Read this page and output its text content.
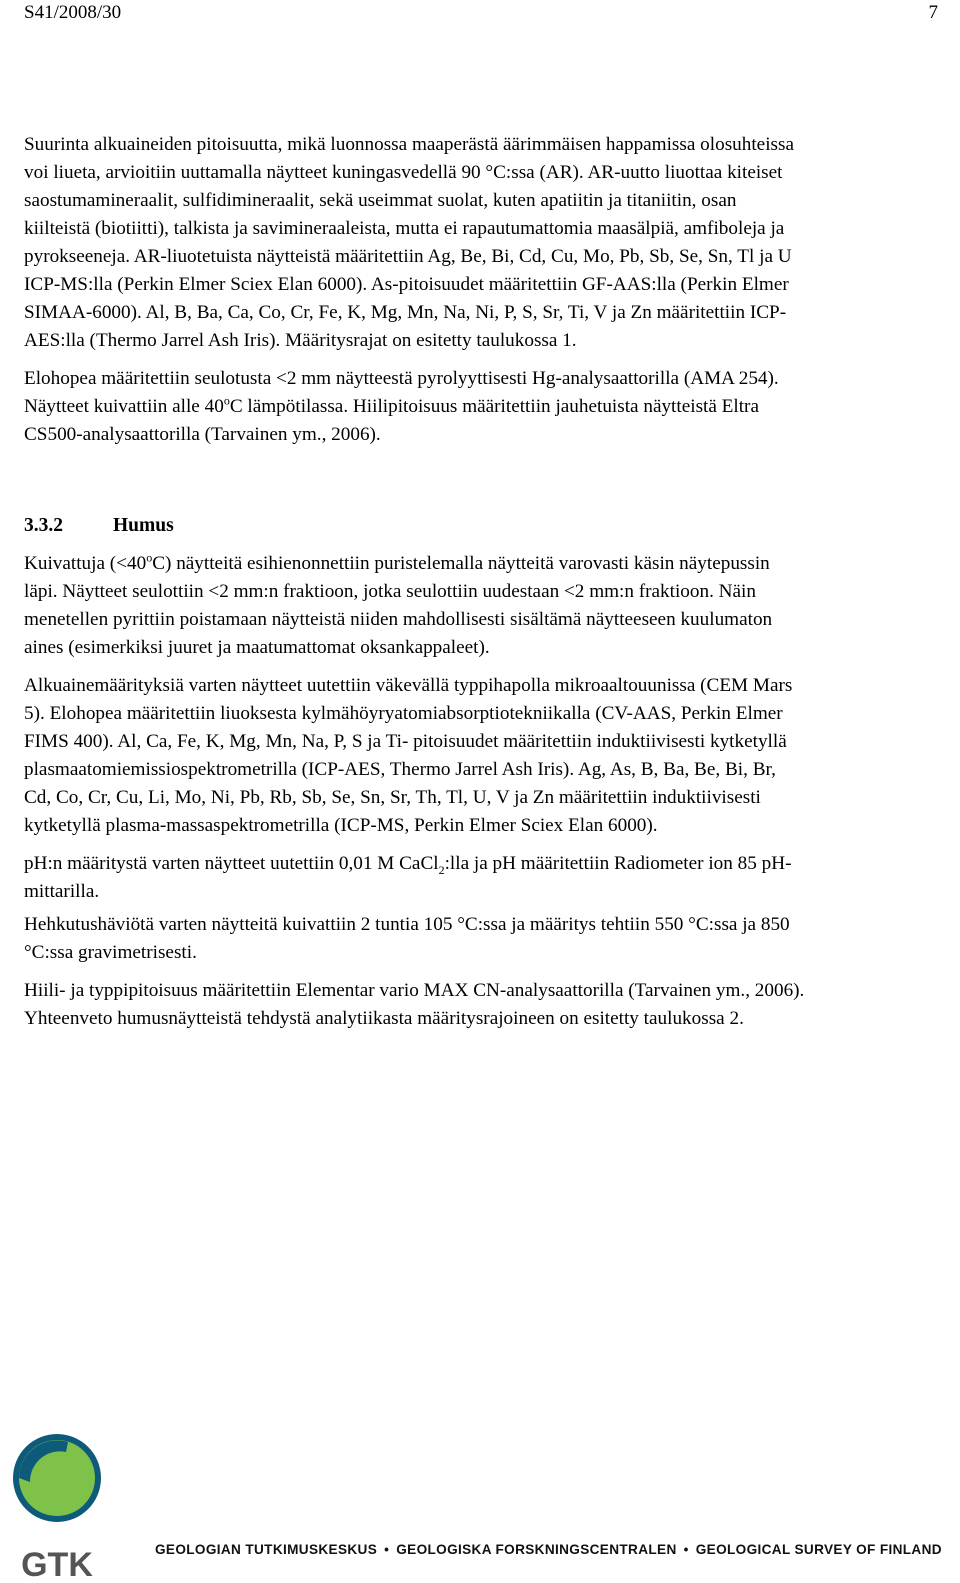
S41/2008/30	7

Suurinta alkuaineiden pitoisuutta, mikä luonnossa maaperästä äärimmäisen happamissa olosuhteissa voi liueta, arvioitiin uuttamalla näytteet kuningasvedellä 90 °C:ssa (AR). AR-uutto liuottaa kiteiset saostumamineraalit, sulfidimineraalit, sekä useimmat suolat, kuten apatiitin ja titaniitin, osan kiilteistä (biotiitti), talkista ja savimineraaleista, mutta ei rapautumattomia maasälpiä, amfiboleja ja pyrokseeneja. AR-liuotetuista näytteistä määritettiin Ag, Be, Bi, Cd, Cu, Mo, Pb, Sb, Se, Sn, Tl ja U ICP-MS:lla (Perkin Elmer Sciex Elan 6000). As-pitoisuudet määritettiin GF-AAS:lla (Perkin Elmer SIMAA-6000). Al, B, Ba, Ca, Co, Cr, Fe, K, Mg, Mn, Na, Ni, P, S, Sr, Ti, V ja Zn määritettiin ICP-AES:lla (Thermo Jarrel Ash Iris). Määritysrajat on esitetty taulukossa 1.

Elohopea määritettiin seulotusta <2 mm näytteestä pyrolyyttisesti Hg-analysaattorilla (AMA 254). Näytteet kuivattiin alle 40$^o$C lämpötilassa. Hiilipitoisuus määritettiin jauhetuista näytteistä Eltra CS500-analysaattorilla (Tarvainen ym., 2006).

3.3.2	Humus

Kuivattuja $(<40^oC)$ näytteitä esihienonnettiin puristelemalla näytteitä varovasti käsin näytepussin läpi. Näytteet seulottiin <2 mm:n fraktioon, jotka seulottiin uudestaan <2 mm:n fraktioon. Näin menetellen pyrittiin poistamaan näytteistä niiden mahdollisesti sisältämä näytteeseen kuulumaton aines (esimerkiksi juuret ja maatumattomat oksankappaleet).

Alkuainemäärityksiä varten näytteet uutettiin väkevällä typpihapolla mikroaaltouunissa (CEM Mars 5). Elohopea määritettiin liuoksesta kylmähöyryatomiabsorptiotekniikalla (CV-AAS, Perkin Elmer FIMS 400). Al, Ca, Fe, K, Mg, Mn, Na, P, S ja Ti- pitoisuudet määritettiin induktiivisesti kytketyllä plasmaatomiemissiospektrometrilla (ICP-AES, Thermo Jarrel Ash Iris). Ag, As, B, Ba, Be, Bi, Br, Cd, Co, Cr, Cu, Li, Mo, Ni, Pb, Rb, Sb, Se, Sn, Sr, Th, Tl, U, V ja Zn määritettiin induktiivisesti kytketyllä plasma-massaspektrometrilla (ICP-MS, Perkin Elmer Sciex Elan 6000).

pH:n määritystä varten näytteet uutettiin 0,01 M CaCl$_2$:lla ja pH määritettiin Radiometer ion 85 pH-mittarilla.

Hehkutushäviötä varten näytteitä kuivattiin 2 tuntia 105 °C:ssa ja määritys tehtiin 550 °C:ssa ja 850 °C:ssa gravimetrisesti.

Hiili- ja typpipitoisuus määritettiin Elementar vario MAX CN-analysaattorilla (Tarvainen ym., 2006). Yhteenveto humusnäytteistä tehdystä analytiikasta määritysrajoineen on esitetty taulukossa 2.

GTK	GEOLOGIAN TUTKIMUSKESKUS • GEOLOGISKA FORSKNINGSCENTRALEN • GEOLOGICAL SURVEY OF FINLAND
